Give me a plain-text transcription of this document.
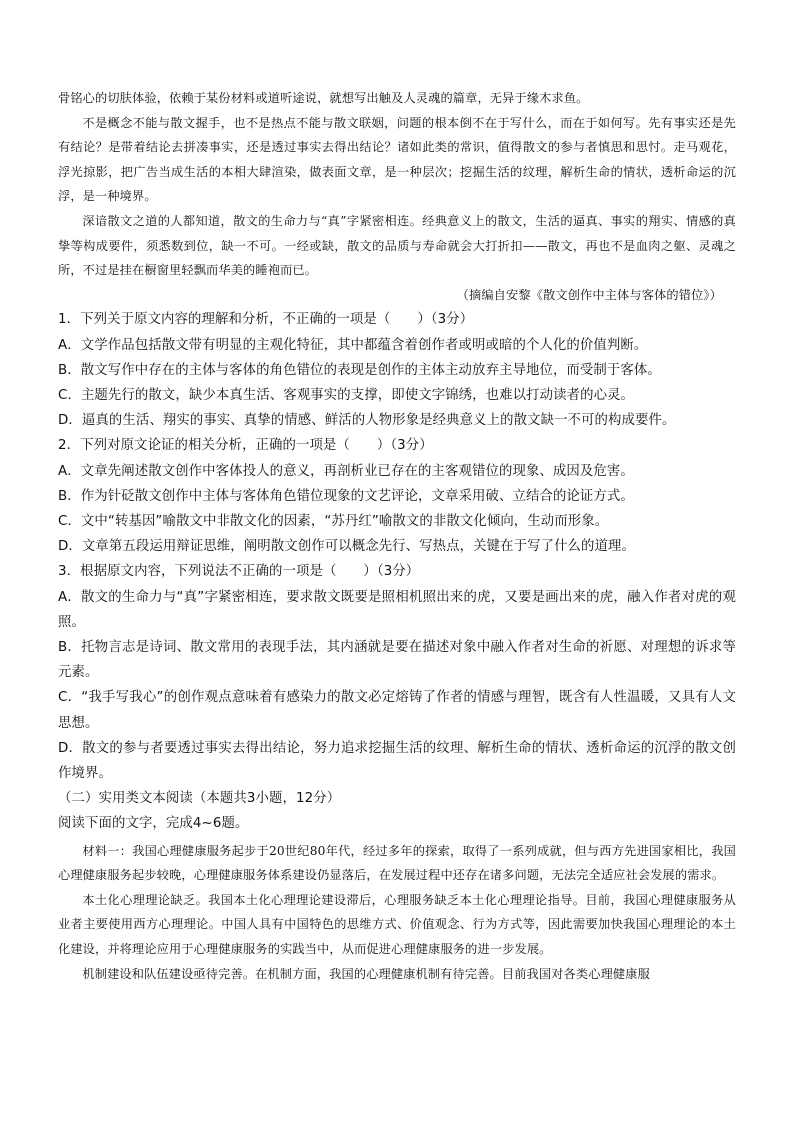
骨铭心的切肤体验，依赖于某份材料或道听途说，就想写出触及人灵魂的篇章，无异于缘木求鱼。

不是概念不能与散文握手，也不是热点不能与散文联姻，问题的根本倒不在于写什么，而在于如何写。先有事实还是先有结论？是带着结论去拼凑事实，还是透过事实去得出结论？诸如此类的常识，值得散文的参与者慎思和思忖。走马观花，浮光掠影，把广告当成生活的本相大肆渲染，做表面文章，是一种层次；挖掘生活的纹理，解析生命的情状，透析命运的沉浮，是一种境界。

深谙散文之道的人都知道，散文的生命力与“真”字紧密相连。经典意义上的散文，生活的逼真、事实的翔实、情感的真挚等构成要件，须悉数到位，缺一不可。一经或缺，散文的品质与寿命就会大打折扣——散文，再也不是血肉之躯、灵魂之所，不过是挂在橱窗里轻飘而华美的睡袍而已。

（摘编自安黎《散文创作中主体与客体的错位》）

1．下列关于原文内容的理解和分析，不正确的一项是（　　）（3分）

A．文学作品包括散文带有明显的主观化特征，其中都蕴含着创作者或明或暗的个人化的价值判断。

B．散文写作中存在的主体与客体的角色错位的表现是创作的主体主动放弃主导地位，而受制于客体。

C．主题先行的散文，缺少本真生活、客观事实的支撑，即使文字锦绣，也难以打动读者的心灵。

D．逼真的生活、翔实的事实、真挚的情感、鲜活的人物形象是经典意义上的散文缺一不可的构成要件。

2．下列对原文论证的相关分析，正确的一项是（　　）（3分）

A．文章先阐述散文创作中客体投人的意义，再剖析业已存在的主客观错位的现象、成因及危害。

B．作为针砭散文创作中主体与客体角色错位现象的文艺评论，文章采用破、立结合的论证方式。

C．文中“转基因”喻散文中非散文化的因素，“苏丹红”喻散文的非散文化倾向，生动而形象。

D．文章第五段运用辩证思维，阐明散文创作可以概念先行、写热点，关键在于写了什么的道理。

3．根据原文内容，下列说法不正确的一项是（　　）（3分）

A．散文的生命力与“真”字紧密相连，要求散文既要是照相机照出来的虎，又要是画出来的虎，融入作者对虎的观照。

B．托物言志是诗词、散文常用的表现手法，其内涵就是要在描述对象中融入作者对生命的祈愿、对理想的诉求等元素。

C．“我手写我心”的创作观点意味着有感染力的散文必定熔铸了作者的情感与理智，既含有人性温暖，又具有人文思想。

D．散文的参与者要透过事实去得出结论，努力追求挖掘生活的纹理、解析生命的情状、透析命运的沉浮的散文创作境界。

（二）实用类文本阅读（本题共3小题，12分）

阅读下面的文字，完成4~6题。

材料一：我国心理健康服务起步于20世纪80年代，经过多年的探索，取得了一系列成就，但与西方先进国家相比，我国心理健康服务起步较晚，心理健康服务体系建设仍显落后，在发展过程中还存在诸多问题，无法完全适应社会发展的需求。

本土化心理理论缺乏。我国本土化心理理论建设滞后，心理服务缺乏本土化心理理论指导。目前，我国心理健康服务从业者主要使用西方心理理论。中国人具有中国特色的思维方式、价值观念、行为方式等，因此需要加快我国心理理论的本土化建设，并将理论应用于心理健康服务的实践当中，从而促进心理健康服务的进一步发展。

机制建设和队伍建设亟待完善。在机制方面，我国的心理健康机制有待完善。目前我国对各类心理健康服
